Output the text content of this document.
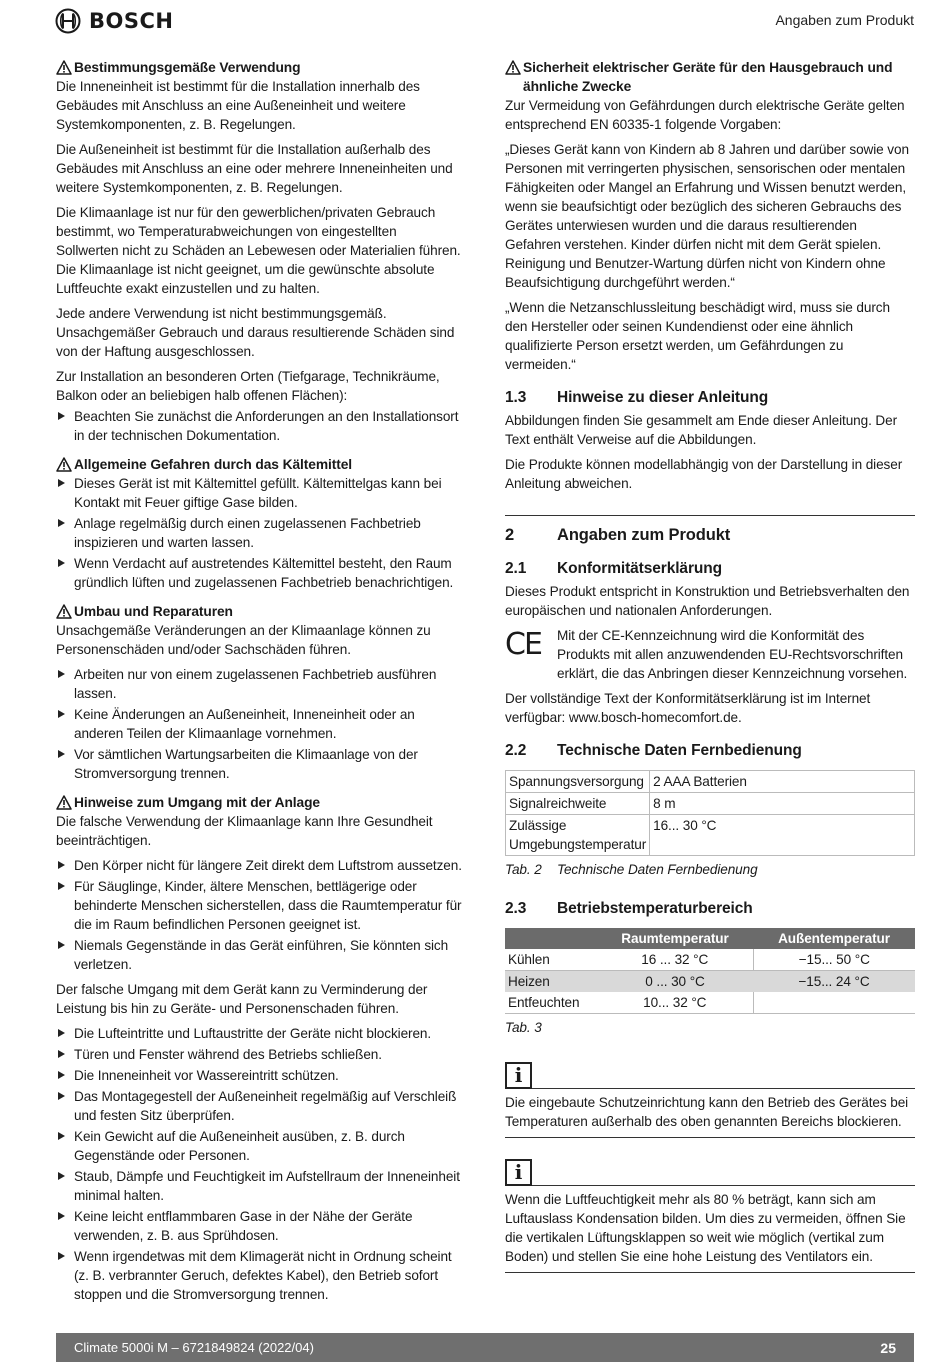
BOSCH	Angaben zum Produkt
Bestimmungsgemäße Verwendung

Die Inneneinheit ist bestimmt für die Installation innerhalb des Gebäudes mit Anschluss an eine Außeneinheit und weitere Systemkomponenten, z. B. Regelungen.

Die Außeneinheit ist bestimmt für die Installation außerhalb des Gebäudes mit Anschluss an eine oder mehrere Inneneinheiten und weitere Systemkomponenten, z. B. Regelungen.

Die Klimaanlage ist nur für den gewerblichen/privaten Gebrauch bestimmt, wo Temperaturabweichungen von eingestellten Sollwerten nicht zu Schäden an Lebewesen oder Materialien führen. Die Klimaanlage ist nicht geeignet, um die gewünschte absolute Luftfeuchte exakt einzustellen und zu halten.

Jede andere Verwendung ist nicht bestimmungsgemäß. Unsachgemäßer Gebrauch und daraus resultierende Schäden sind von der Haftung ausgeschlossen.

Zur Installation an besonderen Orten (Tiefgarage, Technikräume, Balkon oder an beliebigen halb offenen Flächen):

Beachten Sie zunächst die Anforderungen an den Installationsort in der technischen Dokumentation.
Allgemeine Gefahren durch das Kältemittel
Dieses Gerät ist mit Kältemittel gefüllt. Kältemittelgas kann bei Kontakt mit Feuer giftige Gase bilden.
Anlage regelmäßig durch einen zugelassenen Fachbetrieb inspizieren und warten lassen.
Wenn Verdacht auf austretendes Kältemittel besteht, den Raum gründlich lüften und zugelassenen Fachbetrieb benachrichtigen.
Umbau und Reparaturen

Unsachgemäße Veränderungen an der Klimaanlage können zu Personenschäden und/oder Sachschäden führen.

Arbeiten nur von einem zugelassenen Fachbetrieb ausführen lassen.
Keine Änderungen an Außeneinheit, Inneneinheit oder an anderen Teilen der Klimaanlage vornehmen.
Vor sämtlichen Wartungsarbeiten die Klimaanlage von der Stromversorgung trennen.
Hinweise zum Umgang mit der Anlage

Die falsche Verwendung der Klimaanlage kann Ihre Gesundheit beeinträchtigen.

Den Körper nicht für längere Zeit direkt dem Luftstrom aussetzen.
Für Säuglinge, Kinder, ältere Menschen, bettlägerige oder behinderte Menschen sicherstellen, dass die Raumtemperatur für die im Raum befindlichen Personen geeignet ist.
Niemals Gegenstände in das Gerät einführen, Sie könnten sich verletzen.

Der falsche Umgang mit dem Gerät kann zu Verminderung der Leistung bis hin zu Geräte- und Personenschaden führen.

Die Lufteintritte und Luftaustritte der Geräte nicht blockieren.
Türen und Fenster während des Betriebs schließen.
Die Inneneinheit vor Wassereintritt schützen.
Das Montagegestell der Außeneinheit regelmäßig auf Verschleiß und festen Sitz überprüfen.
Kein Gewicht auf die Außeneinheit ausüben, z. B. durch Gegenstände oder Personen.
Staub, Dämpfe und Feuchtigkeit im Aufstellraum der Inneneinheit minimal halten.
Keine leicht entflammbaren Gase in der Nähe der Geräte verwenden, z. B. aus Sprühdosen.
Wenn irgendetwas mit dem Klimagerät nicht in Ordnung scheint (z. B. verbrannter Geruch, defektes Kabel), den Betrieb sofort stoppen und die Stromversorgung trennen.
Sicherheit elektrischer Geräte für den Hausgebrauch und ähnliche Zwecke

Zur Vermeidung von Gefährdungen durch elektrische Geräte gelten entsprechend EN 60335-1 folgende Vorgaben:

„Dieses Gerät kann von Kindern ab 8 Jahren und darüber sowie von Personen mit verringerten physischen, sensorischen oder mentalen Fähigkeiten oder Mangel an Erfahrung und Wissen benutzt werden, wenn sie beaufsichtigt oder bezüglich des sicheren Gebrauchs des Gerätes unterwiesen wurden und die daraus resultierenden Gefahren verstehen. Kinder dürfen nicht mit dem Gerät spielen. Reinigung und Benutzer-Wartung dürfen nicht von Kindern ohne Beaufsichtigung durchgeführt werden.“

„Wenn die Netzanschlussleitung beschädigt wird, muss sie durch den Hersteller oder seinen Kundendienst oder eine ähnlich qualifizierte Person ersetzt werden, um Gefährdungen zu vermeiden.“

1.3	Hinweise zu dieser Anleitung

Abbildungen finden Sie gesammelt am Ende dieser Anleitung. Der Text enthält Verweise auf die Abbildungen.

Die Produkte können modellabhängig von der Darstellung in dieser Anleitung abweichen.

2	Angaben zum Produkt
2.1	Konformitätserklärung

Dieses Produkt entspricht in Konstruktion und Betriebsverhalten den europäischen und nationalen Anforderungen.

CE	Mit der CE-Kennzeichnung wird die Konformität des Produkts mit allen anzuwendenden EU-Rechtsvorschriften erklärt, die das Anbringen dieser Kennzeichnung vorsehen.

Der vollständige Text der Konformitätserklärung ist im Internet verfügbar: www.bosch-homecomfort.de.

2.2	Technische Daten Fernbedienung
Spannungsversorgung	2 AAA Batterien
Signalreichweite	8 m
Zulässige Umgebungstemperatur	16... 30 °C
Tab. 2	Technische Daten Fernbedienung
2.3	Betriebstemperaturbereich
	Raumtemperatur	Außentemperatur
Kühlen	16 ... 32 °C	−15... 50 °C
Heizen	0 ... 30 °C	−15... 24 °C
Entfeuchten	10... 32 °C	
Tab. 3
i
Die eingebaute Schutzeinrichtung kann den Betrieb des Gerätes bei Temperaturen außerhalb des oben genannten Bereichs blockieren.
i
Wenn die Luftfeuchtigkeit mehr als 80 % beträgt, kann sich am Luftauslass Kondensation bilden. Um dies zu vermeiden, öffnen Sie die vertikalen Lüftungsklappen so weit wie möglich (vertikal zum Boden) und stellen Sie eine hohe Leistung des Ventilators ein.
Climate 5000i M – 6721849824 (2022/04)	25
